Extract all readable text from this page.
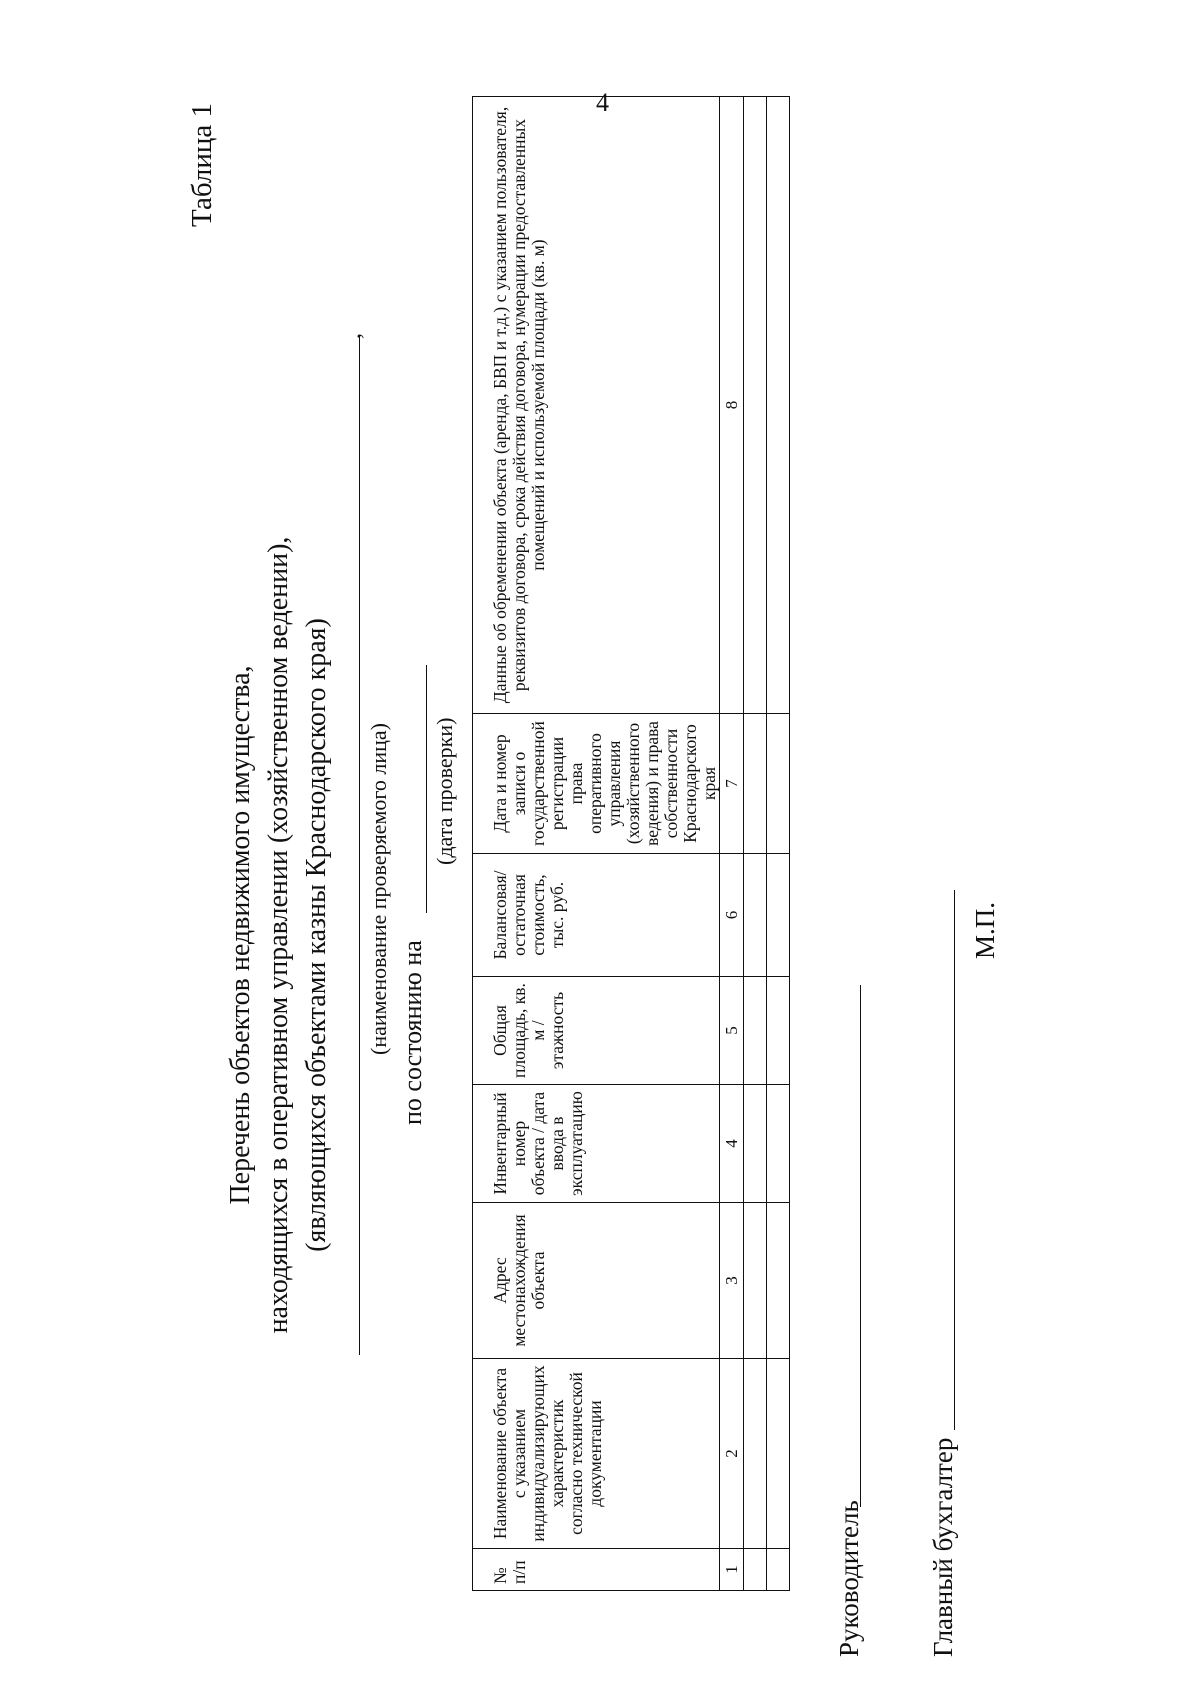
4
Таблица 1
Перечень объектов недвижимого имущества, находящихся в оперативном управлении (хозяйственном ведении), (являющихся объектами казны Краснодарского края)
,
(наименование проверяемого лица) по состоянию на
(дата проверки)
№ п/п	Наименование объекта с указанием индивидуализирующих характеристик согласно технической документации	Адрес местонахождения объекта	Инвентарный номер объекта / дата ввода в эксплуатацию	Общая площадь, кв. м / этажность	Балансовая/ остаточная стоимость, тыс. руб.	Дата и номер записи о государственной регистрации права оперативного управления (хозяйственного ведения) и права собственности Краснодарского края	Данные об обременении объекта (аренда, БВП и т.д.) с указанием пользователя, реквизитов договора, срока действия договора, нумерации предоставленных помещений и используемой площади (кв. м)
1	2	3	4	5	6	7	8

Руководитель Главный бухгалтер
М.П.
